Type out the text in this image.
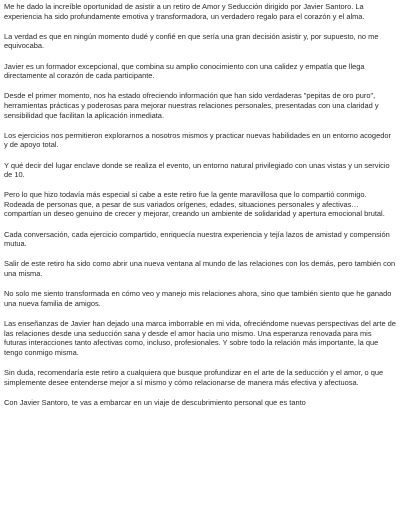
Me he dado la increíble oportunidad de asistir a un retiro de Amor y Seducción dirigido por Javier Santoro. La experiencia ha sido profundamente emotiva y transformadora, un verdadero regalo para el corazón y el alma.

La verdad es que en ningún momento dudé y confié en que sería una gran decisión asistir y, por supuesto, no me equivocaba.

Javier es un formador excepcional, que combina su amplio conocimiento con una calidez y empatía que llega directamente al corazón de cada participante.

Desde el primer momento, nos ha estado ofreciendo información que han sido verdaderas "pepitas de oro puro", herramientas prácticas y poderosas para mejorar nuestras relaciones personales, presentadas con una claridad y sensibilidad que facilitan la aplicación inmediata.

Los ejercicios nos permitieron explorarnos a nosotros mismos y practicar nuevas habilidades en un entorno acogedor y de apoyo total.

Y qué decir del lugar enclave donde se realiza el evento, un entorno natural privilegiado con unas vistas y un servicio de 10.

Pero lo que hizo todavía más especial si cabe a este retiro fue la gente maravillosa que lo compartió conmigo. Rodeada de personas que, a pesar de sus variados orígenes, edades, situaciones personales y afectivas… compartían un deseo genuino de crecer y mejorar, creando un ambiente de solidaridad y apertura emocional brutal.

Cada conversación, cada ejercicio compartido, enriquecía nuestra experiencia y tejía lazos de amistad y compensión mutua.

Salir de este retiro ha sido como abrir una nueva ventana al mundo de las relaciones con los demás, pero también con una misma.

No solo me siento transformada en cómo veo y manejo mis relaciones ahora, sino que también siento que he ganado una nueva familia de amigos.

Las enseñanzas de Javier han dejado una marca imborrable en mi vida, ofreciéndome nuevas perspectivas del arte de las relaciones desde una seducción sana y desde el amor hacia uno mismo. Una esperanza renovada para mis futuras interacciones tanto afectivas como, incluso, profesionales. Y sobre todo la relación más importante, la que tengo conmigo misma.

Sin duda, recomendaría este retiro a cualquiera que busque profundizar en el arte de la seducción y el amor, o que simplemente desee entenderse mejor a sí mismo y cómo relacionarse de manera más efectiva y afectuosa.

Con Javier Santoro, te vas a embarcar en un viaje de descubrimiento personal que es tanto
